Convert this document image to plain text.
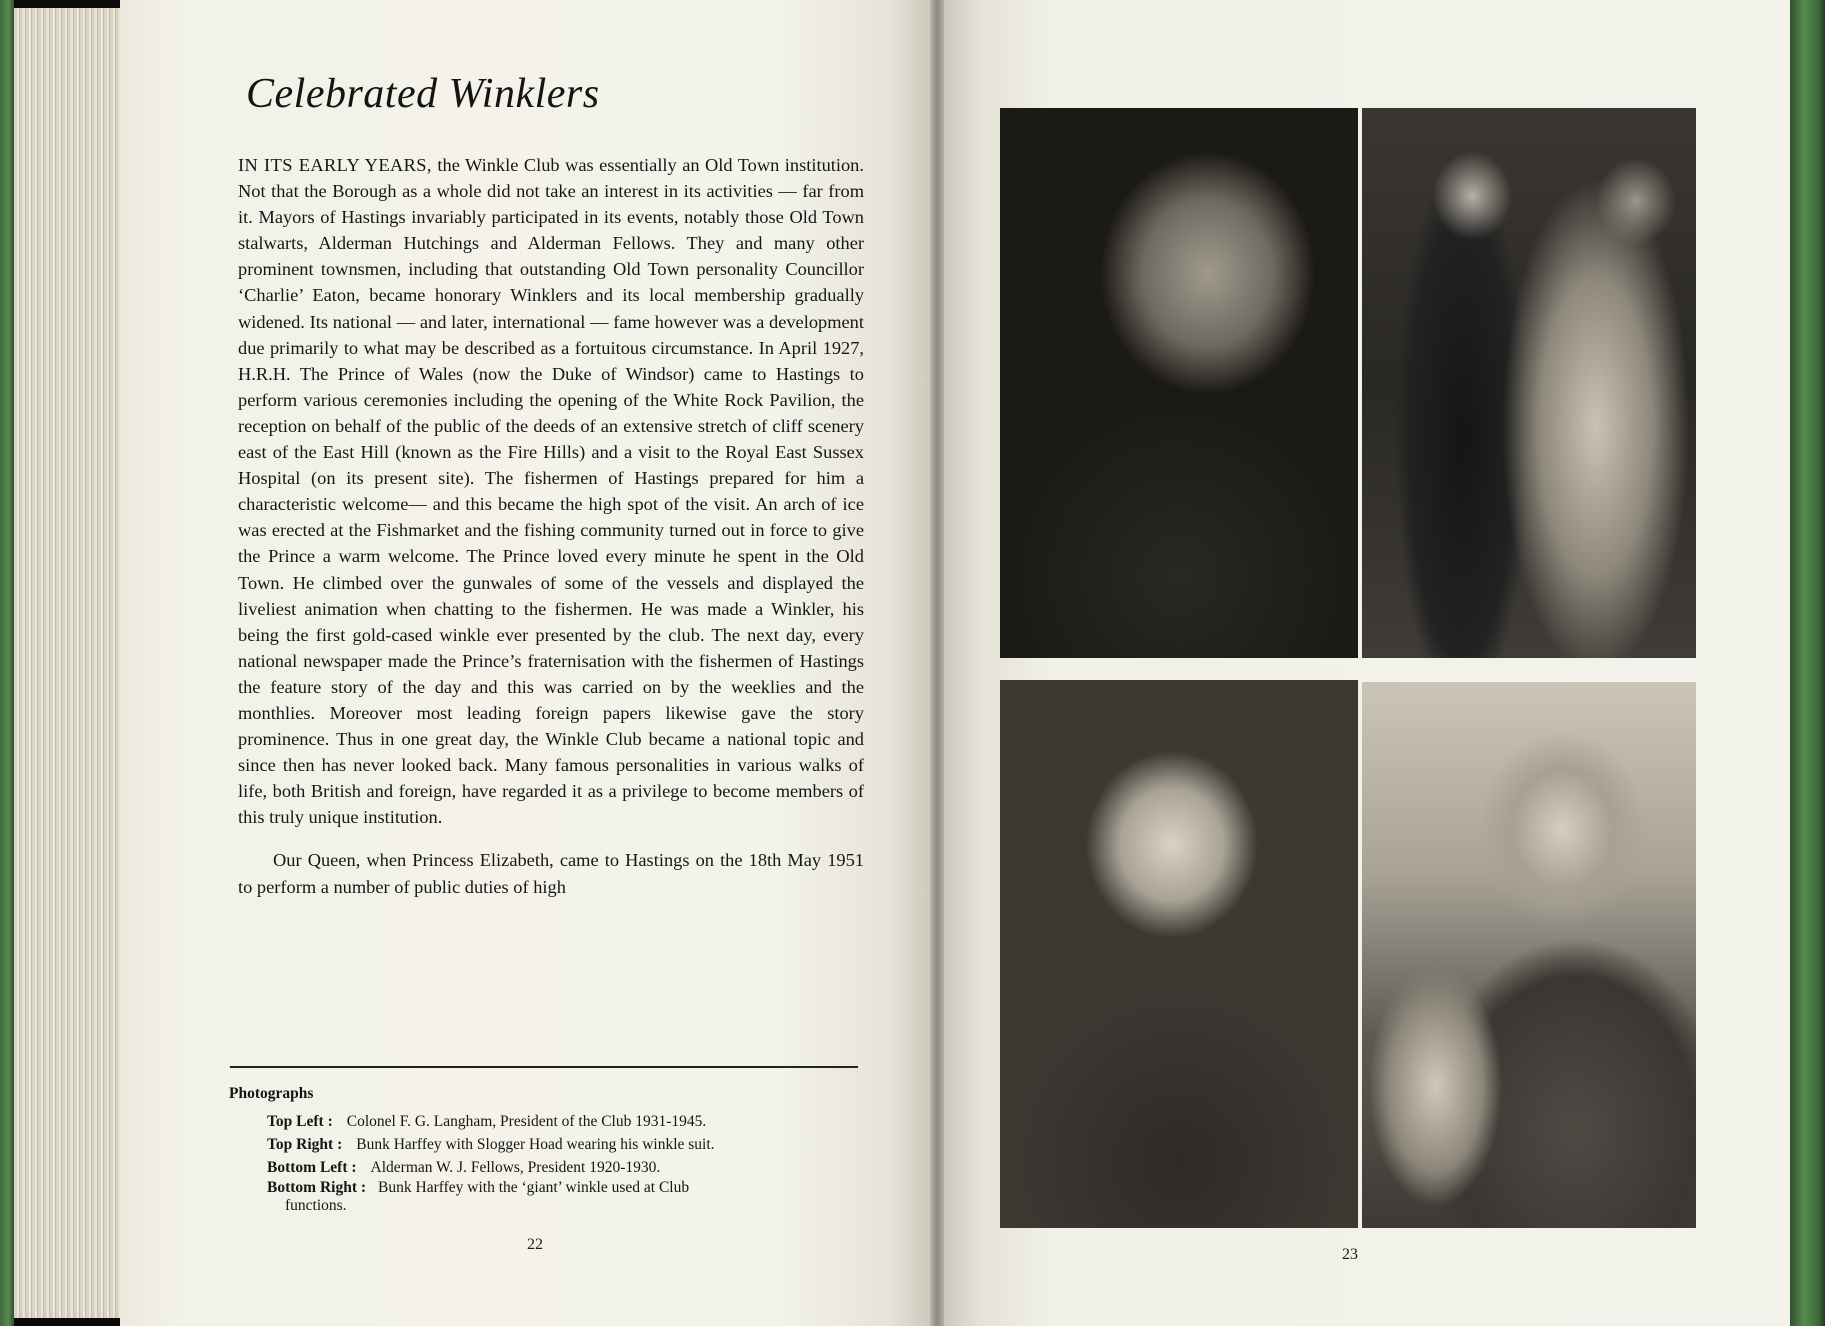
Celebrated Winklers

IN ITS EARLY YEARS, the Winkle Club was essentially an Old Town institution. Not that the Borough as a whole did not take an interest in its activities — far from it. Mayors of Hastings invariably participated in its events, notably those Old Town stalwarts, Alderman Hutchings and Alderman Fellows. They and many other prominent townsmen, including that outstanding Old Town personality Councillor ‘Charlie’ Eaton, became honorary Winklers and its local membership gradually widened. Its national — and later, international — fame however was a development due primarily to what may be described as a fortuitous circumstance. In April 1927, H.R.H. The Prince of Wales (now the Duke of Windsor) came to Hastings to perform various ceremonies including the opening of the White Rock Pavilion, the reception on behalf of the public of the deeds of an extensive stretch of cliff scenery east of the East Hill (known as the Fire Hills) and a visit to the Royal East Sussex Hospital (on its present site). The fishermen of Hastings prepared for him a characteristic welcome— and this became the high spot of the visit. An arch of ice was erected at the Fishmarket and the fishing community turned out in force to give the Prince a warm welcome. The Prince loved every minute he spent in the Old Town. He climbed over the gunwales of some of the vessels and displayed the liveliest animation when chatting to the fishermen. He was made a Winkler, his being the first gold-cased winkle ever presented by the club. The next day, every national newspaper made the Prince’s fraternisation with the fishermen of Hastings the feature story of the day and this was carried on by the weeklies and the monthlies. Moreover most leading foreign papers likewise gave the story prominence. Thus in one great day, the Winkle Club became a national topic and since then has never looked back. Many famous personalities in various walks of life, both British and foreign, have regarded it as a privilege to become members of this truly unique institution.

Our Queen, when Princess Elizabeth, came to Hastings on the 18th May 1951 to perform a number of public duties of high

Photographs
Top Left : Colonel F. G. Langham, President of the Club 1931-1945.
Top Right : Bunk Harffey with Slogger Hoad wearing his winkle suit.
Bottom Left : Alderman W. J. Fellows, President 1920-1930.
Bottom Right : Bunk Harffey with the ‘giant’ winkle used at Club
functions.
22
23
